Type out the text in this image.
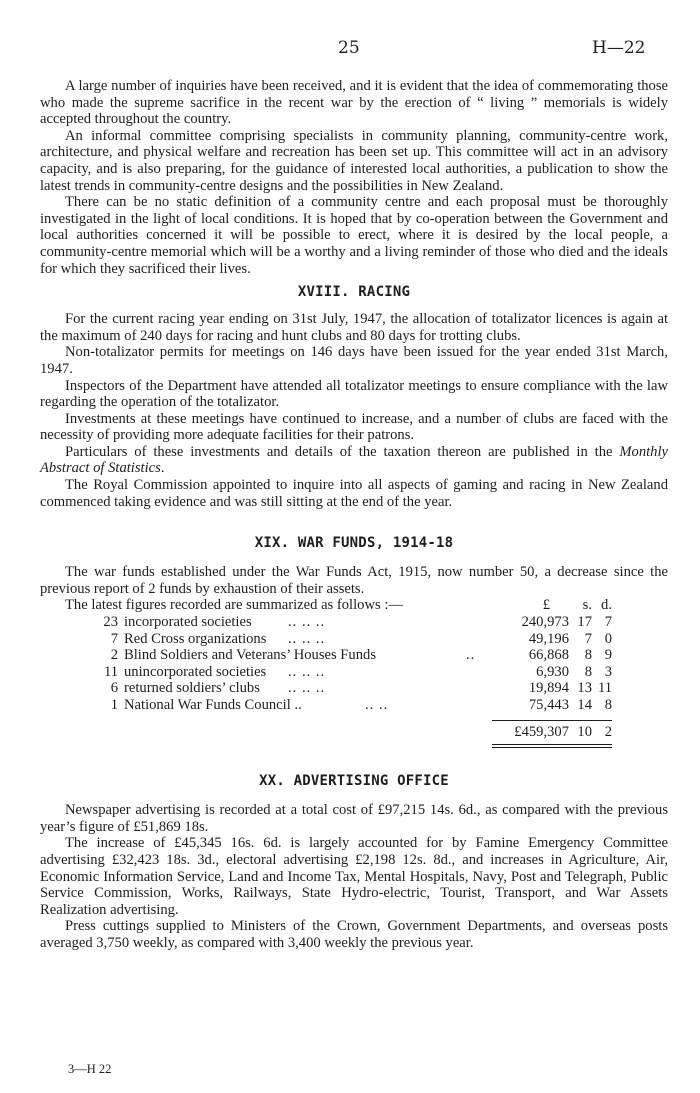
25	H—22

A large number of inquiries have been received, and it is evident that the idea of commemorating those who made the supreme sacrifice in the recent war by the erection of “ living ” memorials is widely accepted throughout the country.

An informal committee comprising specialists in community planning, community-centre work, architecture, and physical welfare and recreation has been set up. This committee will act in an advisory capacity, and is also preparing, for the guidance of interested local authorities, a publication to show the latest trends in community-centre designs and the possibilities in New Zealand.

There can be no static definition of a community centre and each proposal must be thoroughly investigated in the light of local conditions. It is hoped that by co-operation between the Government and local authorities concerned it will be possible to erect, where it is desired by the local people, a community-centre memorial which will be a worthy and a living reminder of those who died and the ideals for which they sacrificed their lives.

XVIII. RACING

For the current racing year ending on 31st July, 1947, the allocation of totalizator licences is again at the maximum of 240 days for racing and hunt clubs and 80 days for trotting clubs.

Non-totalizator permits for meetings on 146 days have been issued for the year ended 31st March, 1947.

Inspectors of the Department have attended all totalizator meetings to ensure compliance with the law regarding the operation of the totalizator.

Investments at these meetings have continued to increase, and a number of clubs are faced with the necessity of providing more adequate facilities for their patrons.

Particulars of these investments and details of the taxation thereon are published in the Monthly Abstract of Statistics.

The Royal Commission appointed to inquire into all aspects of gaming and racing in New Zealand commenced taking evidence and was still sitting at the end of the year.

XIX. WAR FUNDS, 1914-18

The war funds established under the War Funds Act, 1915, now number 50, a decrease since the previous report of 2 funds by exhaustion of their assets.

The latest figures recorded are summarized as follows :—	£	s. d.
23 incorporated societies .. .. ..	240,973 17 7
7 Red Cross organizations .. .. ..	49,196	7 0
2 Blind Soldiers and Veterans’ Houses Funds	..	66,868	8 9
11 unincorporated societies .. .. ..	6,930	8 3
6 returned soldiers’ clubs .. .. ..	19,894 13 11
1 National War Funds Council ..	.. ..	75,443 14 8
£459,307 10 2
XX. ADVERTISING OFFICE

Newspaper advertising is recorded at a total cost of £97,215 14s. 6d., as compared with the previous year’s figure of £51,869 18s.

The increase of £45,345 16s. 6d. is largely accounted for by Famine Emergency Committee advertising £32,423 18s. 3d., electoral advertising £2,198 12s. 8d., and increases in Agriculture, Air, Economic Information Service, Land and Income Tax, Mental Hospitals, Navy, Post and Telegraph, Public Service Commission, Works, Railways, State Hydro-electric, Tourist, Transport, and War Assets Realization advertising.

Press cuttings supplied to Ministers of the Crown, Government Departments, and overseas posts averaged 3,750 weekly, as compared with 3,400 weekly the previous year.

3—H 22
